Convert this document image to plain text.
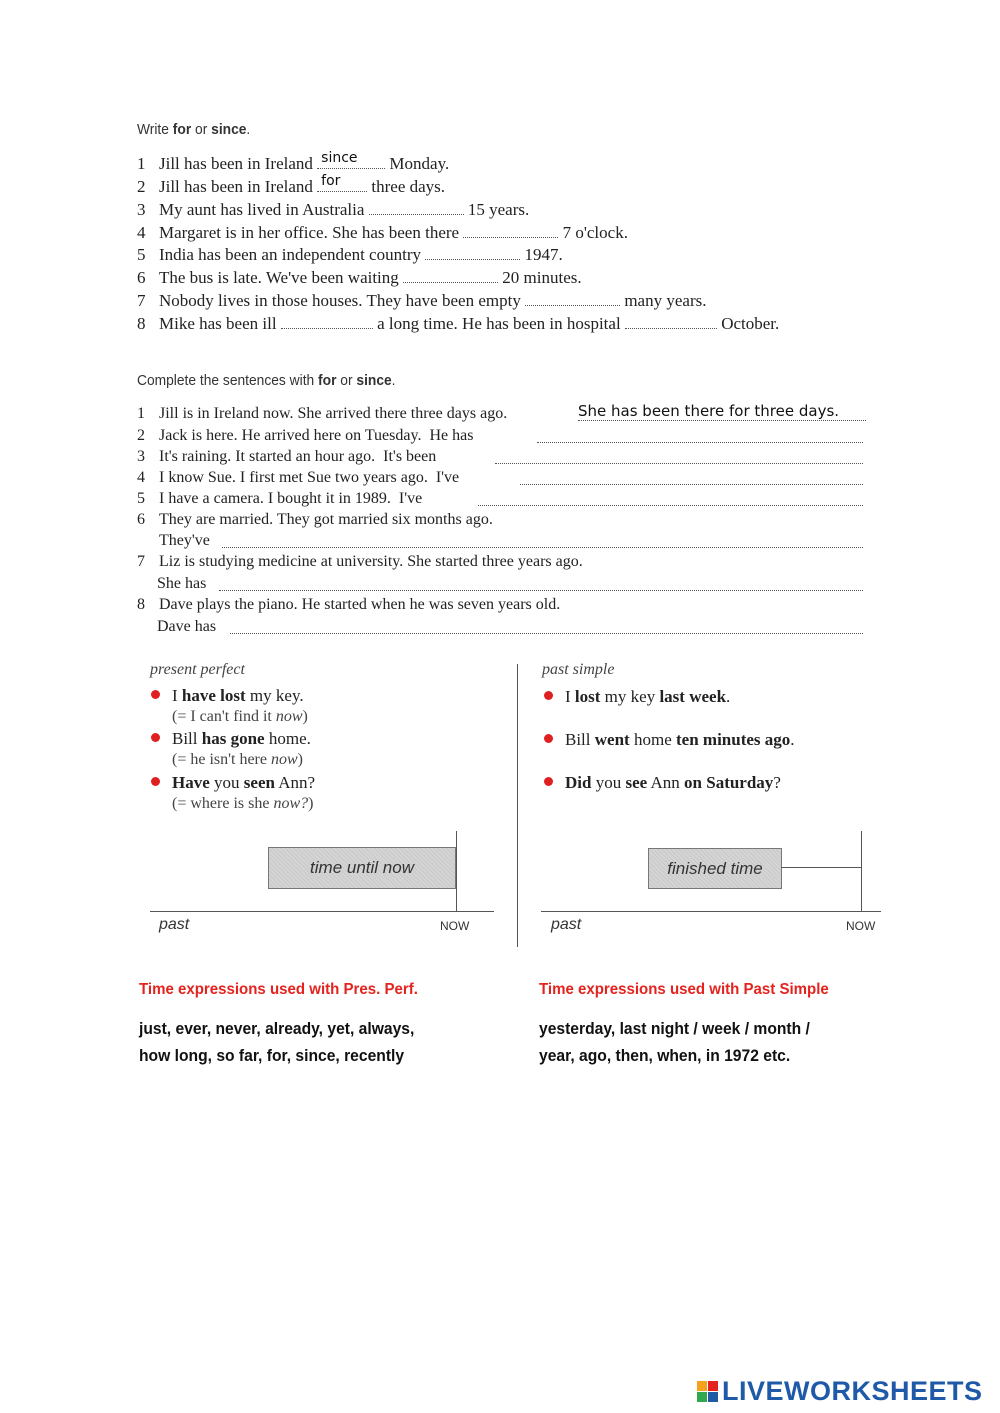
Write for or since.
1 Jill has been in Ireland since Monday.
2 Jill has been in Ireland for three days.
3 My aunt has lived in Australia	15 years.
4 Margaret is in her office. She has been there	7 o'clock.
5 India has been an independent country	1947.
6 The bus is late. We've been waiting	20 minutes.
7 Nobody lives in those houses. They have been empty	many years.
8 Mike has been ill	a long time. He has been in hospital	October.
Complete the sentences with for or since.
1 Jill is in Ireland now. She arrived there three days ago.	She has been there for three days.
2 Jack is here. He arrived here on Tuesday. He has
3 It's raining. It started an hour ago. It's been
4 I know Sue. I first met Sue two years ago. I've
5 I have a camera. I bought it in 1989. I've
6 They are married. They got married six months ago.
They've
7 Liz is studying medicine at university. She started three years ago.
She has
8 Dave plays the piano. He started when he was seven years old.
Dave has
present perfect	past simple
I have lost my key.
(= I can't find it now)
Bill has gone home.
(= he isn't here now)
Have you seen Ann?
(= where is she now?)
I lost my key last week.
Bill went home ten minutes ago.
Did you see Ann on Saturday?
time until now
past	NOW
finished time
past	NOW
Time expressions used with Pres. Perf.
just, ever, never, already, yet, always,
how long, so far, for, since, recently
Time expressions used with Past Simple
yesterday, last night / week / month /
year, ago, then, when, in 1972 etc.
LIVEWORKSHEETS
